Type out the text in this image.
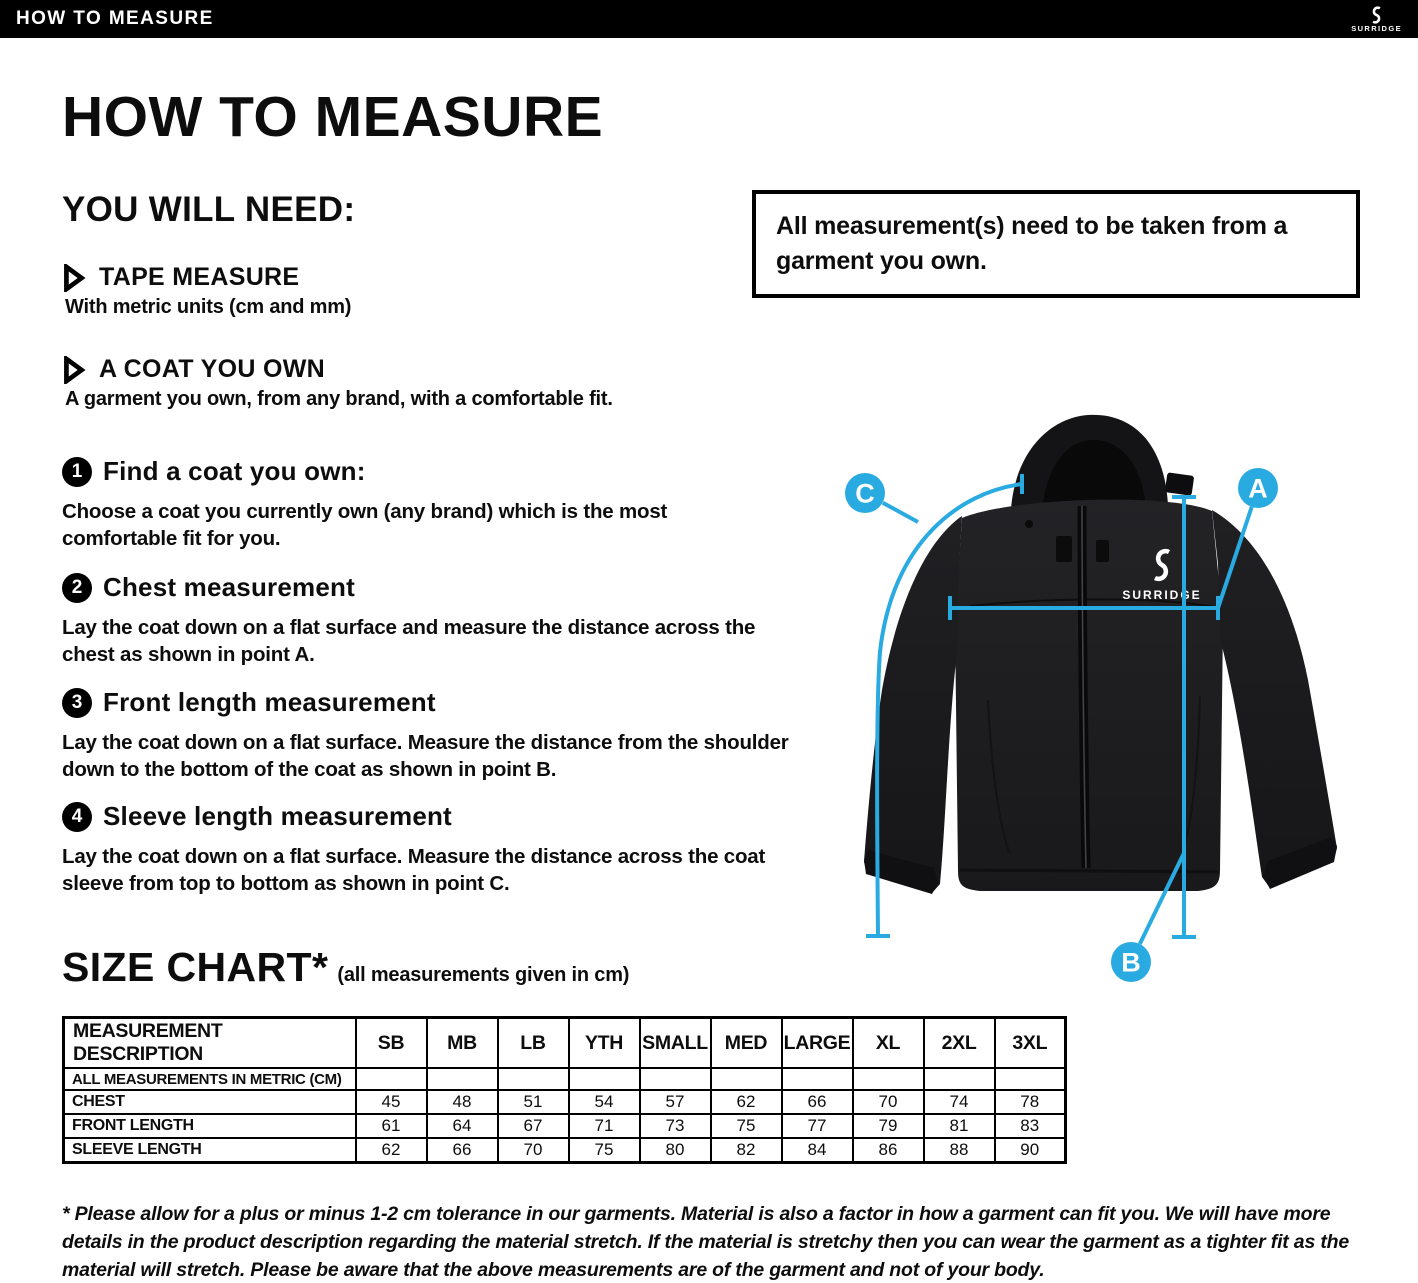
HOW TO MEASURE	SURRIDGE
HOW TO MEASURE
YOU WILL NEED:
TAPE MEASURE

With metric units (cm and mm)

A COAT YOU OWN

A garment you own, from any brand, with a comfortable fit.

All measurement(s) need to be taken from a garment you own.

1 Find a coat you own:

Choose a coat you currently own (any brand) which is the most comfortable fit for you.

2 Chest measurement

Lay the coat down on a flat surface and measure the distance across the chest as shown in point A.

3 Front length measurement

Lay the coat down on a flat surface. Measure the distance from the shoulder down to the bottom of the coat as shown in point B.

4 Sleeve length measurement

Lay the coat down on a flat surface. Measure the distance across the coat sleeve from top to bottom as shown in point C.

SURRIDGE
A
B
C
SIZE CHART* (all measurements given in cm)
MEASUREMENT DESCRIPTION	SB	MB	LB	YTH	SMALL	MED	LARGE	XL	2XL	3XL
ALL MEASUREMENTS IN METRIC (CM)										
CHEST	45	48	51	54	57	62	66	70	74	78
FRONT LENGTH	61	64	67	71	73	75	77	79	81	83
SLEEVE LENGTH	62	66	70	75	80	82	84	86	88	90

* Please allow for a plus or minus 1-2 cm tolerance in our garments. Material is also a factor in how a garment can fit you. We will have more details in the product description regarding the material stretch. If the material is stretchy then you can wear the garment as a tighter fit as the material will stretch. Please be aware that the above measurements are of the garment and not of your body.
